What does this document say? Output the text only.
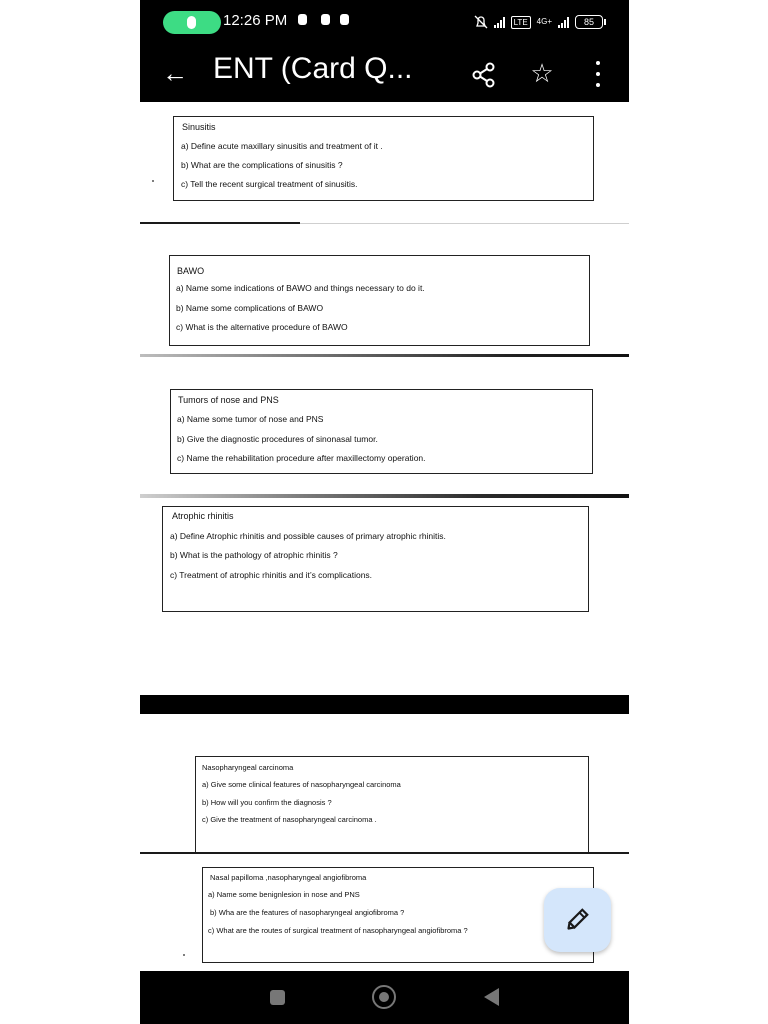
12:26 PM	LTE	4G+	85
← ENT (Card Q...	☆
Sinusitis
a) Define acute maxillary sinusitis and treatment of it .
b) What are the complications of sinusitis ?
c) Tell the recent surgical treatment of sinusitis.
BAWO
a) Name some indications of BAWO and things necessary to do it.
b) Name some complications of BAWO
c) What is the alternative procedure of BAWO
Tumors of nose and PNS
a) Name some tumor of nose and PNS
b) Give the diagnostic procedures of sinonasal tumor.
c) Name the rehabilitation procedure after maxillectomy operation.
Atrophic rhinitis
a) Define Atrophic rhinitis and possible causes of primary atrophic rhinitis.
b) What is the pathology of atrophic rhinitis ?
c) Treatment of atrophic rhinitis and it’s complications.
Nasopharyngeal carcinoma
a) Give some clinical features of nasopharyngeal carcinoma
b) How will you confirm the diagnosis ?
c) Give the treatment of nasopharyngeal carcinoma .
Nasal papilloma ,nasopharyngeal angiofibroma
a) Name some benignlesion in nose and PNS
b) Wha are the features of nasopharyngeal angiofibroma ?
c) What are the routes of surgical treatment of nasopharyngeal angiofibroma ?
